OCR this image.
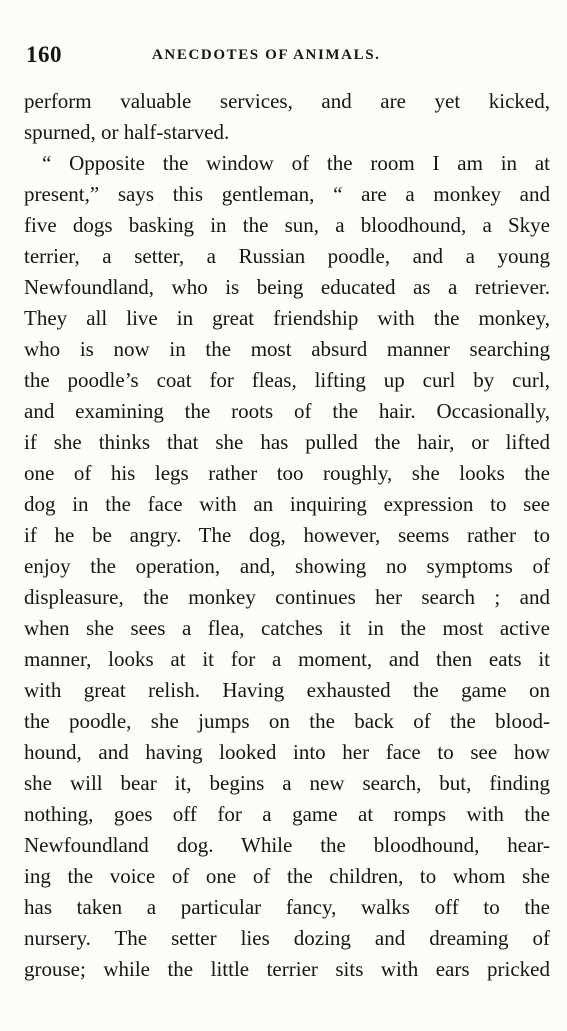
160	ANECDOTES OF ANIMALS.
perform valuable services, and are yet kicked,
spurned, or half-starved.
“ Opposite the window of the room I am in at
present,” says this gentleman, “ are a monkey and
five dogs basking in the sun, a bloodhound, a Skye
terrier, a setter, a Russian poodle, and a young
Newfoundland, who is being educated as a retriever.
They all live in great friendship with the monkey,
who is now in the most absurd manner searching
the poodle’s coat for fleas, lifting up curl by curl,
and examining the roots of the hair. Occasionally,
if she thinks that she has pulled the hair, or lifted
one of his legs rather too roughly, she looks the
dog in the face with an inquiring expression to see
if he be angry. The dog, however, seems rather to
enjoy the operation, and, showing no symptoms of
displeasure, the monkey continues her search ; and
when she sees a flea, catches it in the most active
manner, looks at it for a moment, and then eats it
with great relish. Having exhausted the game on
the poodle, she jumps on the back of the blood-
hound, and having looked into her face to see how
she will bear it, begins a new search, but, finding
nothing, goes off for a game at romps with the
Newfoundland dog. While the bloodhound, hear-
ing the voice of one of the children, to whom she
has taken a particular fancy, walks off to the
nursery. The setter lies dozing and dreaming of
grouse; while the little terrier sits with ears pricked
